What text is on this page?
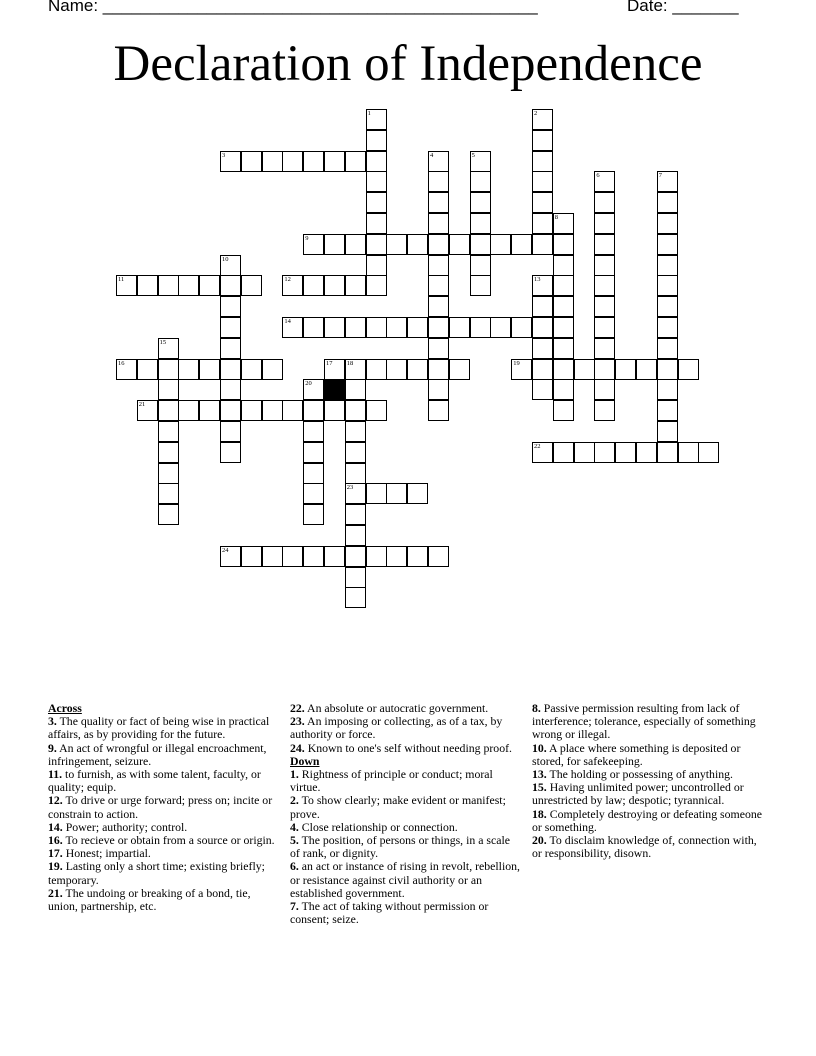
Name: ______________________________________________	Date: _______
Declaration of Independence
1	2
3	4	5
6	7
8
9
10
11	12	13
14
15
16	17 18	19
20
21
22
23
24
Across
3. The quality or fact of being wise in practical affairs, as by providing for the future.
9. An act of wrongful or illegal encroachment, infringement, seizure.
11. to furnish, as with some talent, faculty, or quality; equip.
12. To drive or urge forward; press on; incite or constrain to action.
14. Power; authority; control.
16. To recieve or obtain from a source or origin.
17. Honest; impartial.
19. Lasting only a short time; existing briefly; temporary.
21. The undoing or breaking of a bond, tie, union, partnership, etc.
22. An absolute or autocratic government.
23. An imposing or collecting, as of a tax, by authority or force.
24. Known to one's self without needing proof.
Down
1. Rightness of principle or conduct; moral virtue.
2. To show clearly; make evident or manifest; prove.
4. Close relationship or connection.
5. The position, of persons or things, in a scale of rank, or dignity.
6. an act or instance of rising in revolt, rebellion, or resistance against civil authority or an established government.
7. The act of taking without permission or consent; seize.
8. Passive permission resulting from lack of interference; tolerance, especially of something wrong or illegal.
10. A place where something is deposited or stored, for safekeeping.
13. The holding or possessing of anything.
15. Having unlimited power; uncontrolled or unrestricted by law; despotic; tyrannical.
18. Completely destroying or defeating someone or something.
20. To disclaim knowledge of, connection with, or responsibility, disown.
